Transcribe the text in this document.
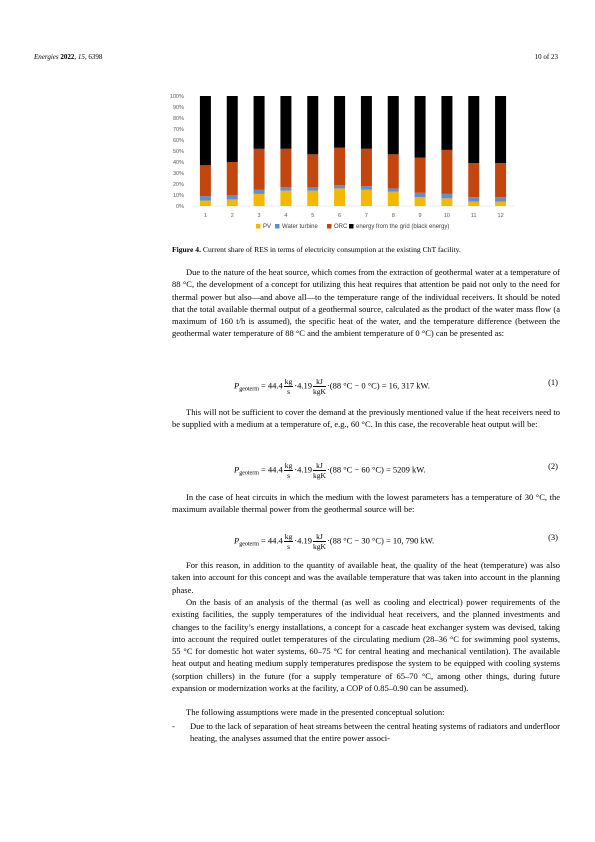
Energies 2022, 15, 6398	10 of 23
0%
10%
20%
30%
40%
50%
60%
70%
80%
90%
100%
1	2	3	4	5	6	7	8	9	10	11	12
PV Water turbine	ORC energy from the grid (black energy)
Figure 4. Current share of RES in terms of electricity consumption at the existing ChT facility.

Due to the nature of the heat source, which comes from the extraction of geothermal water at a temperature of 88 °C, the development of a concept for utilizing this heat requires that attention be paid not only to the need for thermal power but also—and above all—to the temperature range of the individual receivers. It should be noted that the total available thermal output of a geothermal source, calculated as the product of the water mass flow (a maximum of 160 t/h is assumed), the specific heat of the water, and the temperature difference (between the geothermal water temperature of 88 °C and the ambient temperature of 0 °C) can be presented as:

$P_{geoterm} = 44.4 \frac{kg}{s} \cdot 4.19 \frac{kJ}{\text{kgK}} \cdot(88$ °C − 0 °C) = 16, 317 kW.	(1)

This will not be sufficient to cover the demand at the previously mentioned value if the heat receivers need to be supplied with a medium at a temperature of, e.g., 60 °C. In this case, the recoverable heat output will be:

$P_{geoterm} = 44.4 \frac{kg}{s} \cdot 4.19 \frac{kJ}{\text{kgK}} \cdot(88$ °C − 60 °C) = 5209 kW.	(2)

In the case of heat circuits in which the medium with the lowest parameters has a temperature of 30 °C, the maximum available thermal power from the geothermal source will be:

$P_{geoterm} = 44.4 \frac{kg}{s} \cdot 4.19 \frac{kJ}{\text{kgK}} \cdot(88$ °C − 30 °C) = 10, 790 kW.	(3)

For this reason, in addition to the quantity of available heat, the quality of the heat (temperature) was also taken into account for this concept and was the available temperature that was taken into account in the planning phase.

On the basis of an analysis of the thermal (as well as cooling and electrical) power requirements of the existing facilities, the supply temperatures of the individual heat receivers, and the planned investments and changes to the facility’s energy installations, a concept for a cascade heat exchanger system was devised, taking into account the required outlet temperatures of the circulating medium (28–36 °C for swimming pool systems, 55 °C for domestic hot water systems, 60–75 °C for central heating and mechanical ventilation). The available heat output and heating medium supply temperatures predispose the system to be equipped with cooling systems (sorption chillers) in the future (for a supply temperature of 65–70 °C, among other things, during future expansion or modernization works at the facility, a COP of 0.85–0.90 can be assumed).

The following assumptions were made in the presented conceptual solution:

- Due to the lack of separation of heat streams between the central heating systems of radiators and underfloor heating, the analyses assumed that the entire power associ-
